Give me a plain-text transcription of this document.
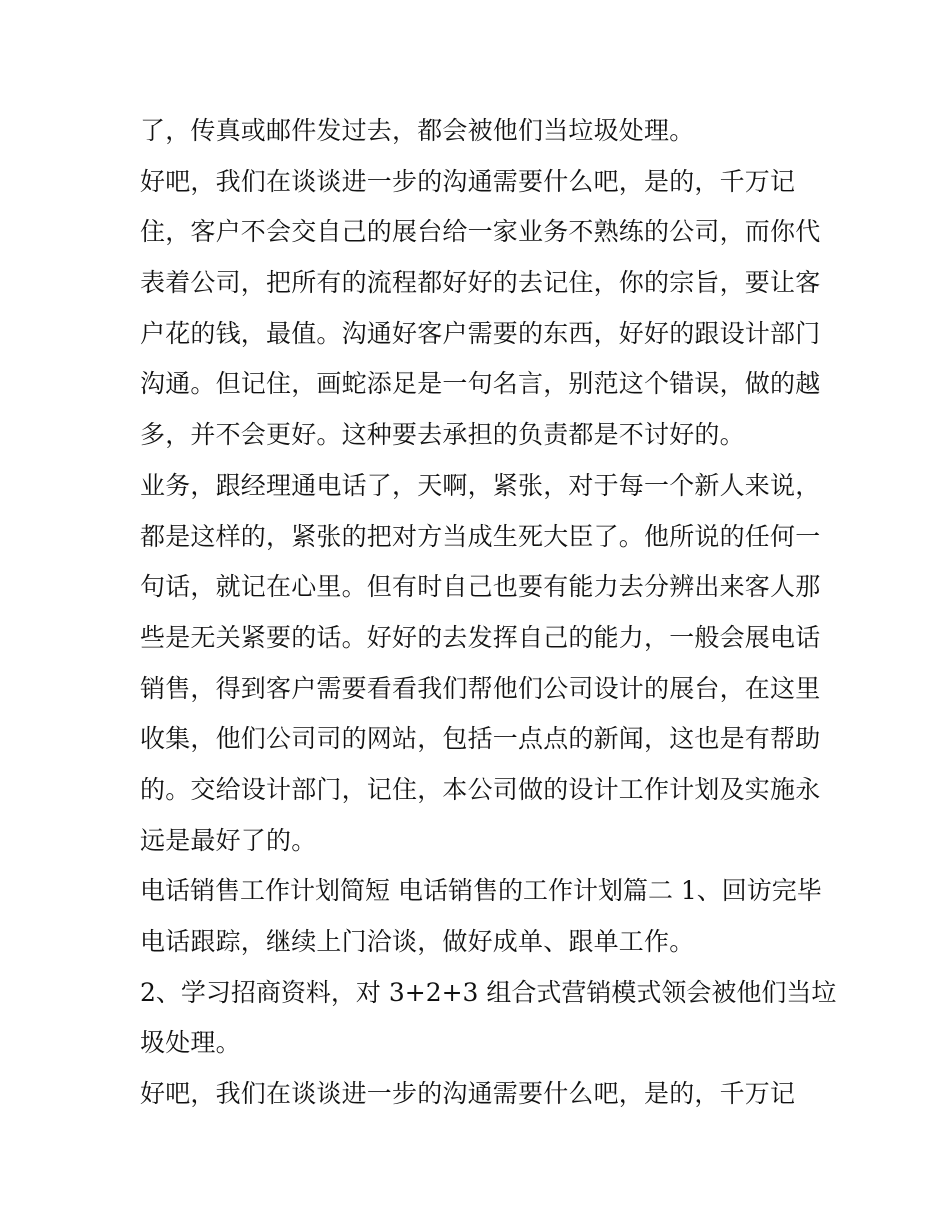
了，传真或邮件发过去，都会被他们当垃圾处理。
好吧，我们在谈谈进一步的沟通需要什么吧，是的，千万记
住，客户不会交自己的展台给一家业务不熟练的公司，而你代
表着公司，把所有的流程都好好的去记住，你的宗旨，要让客
户花的钱，最值。沟通好客户需要的东西，好好的跟设计部门
沟通。但记住，画蛇添足是一句名言，别范这个错误，做的越
多，并不会更好。这种要去承担的负责都是不讨好的。
业务，跟经理通电话了，天啊，紧张，对于每一个新人来说，
都是这样的，紧张的把对方当成生死大臣了。他所说的任何一
句话，就记在心里。但有时自己也要有能力去分辨出来客人那
些是无关紧要的话。好好的去发挥自己的能力，一般会展电话
销售，得到客户需要看看我们帮他们公司设计的展台，在这里
收集，他们公司司的网站，包括一点点的新闻，这也是有帮助
的。交给设计部门，记住，本公司做的设计工作计划及实施永
远是最好了的。
电话销售工作计划简短 电话销售的工作计划篇二 1、回访完毕
电话跟踪，继续上门洽谈，做好成单、跟单工作。
2、学习招商资料，对 3+2+3 组合式营销模式领会被他们当垃
圾处理。
好吧，我们在谈谈进一步的沟通需要什么吧，是的，千万记
